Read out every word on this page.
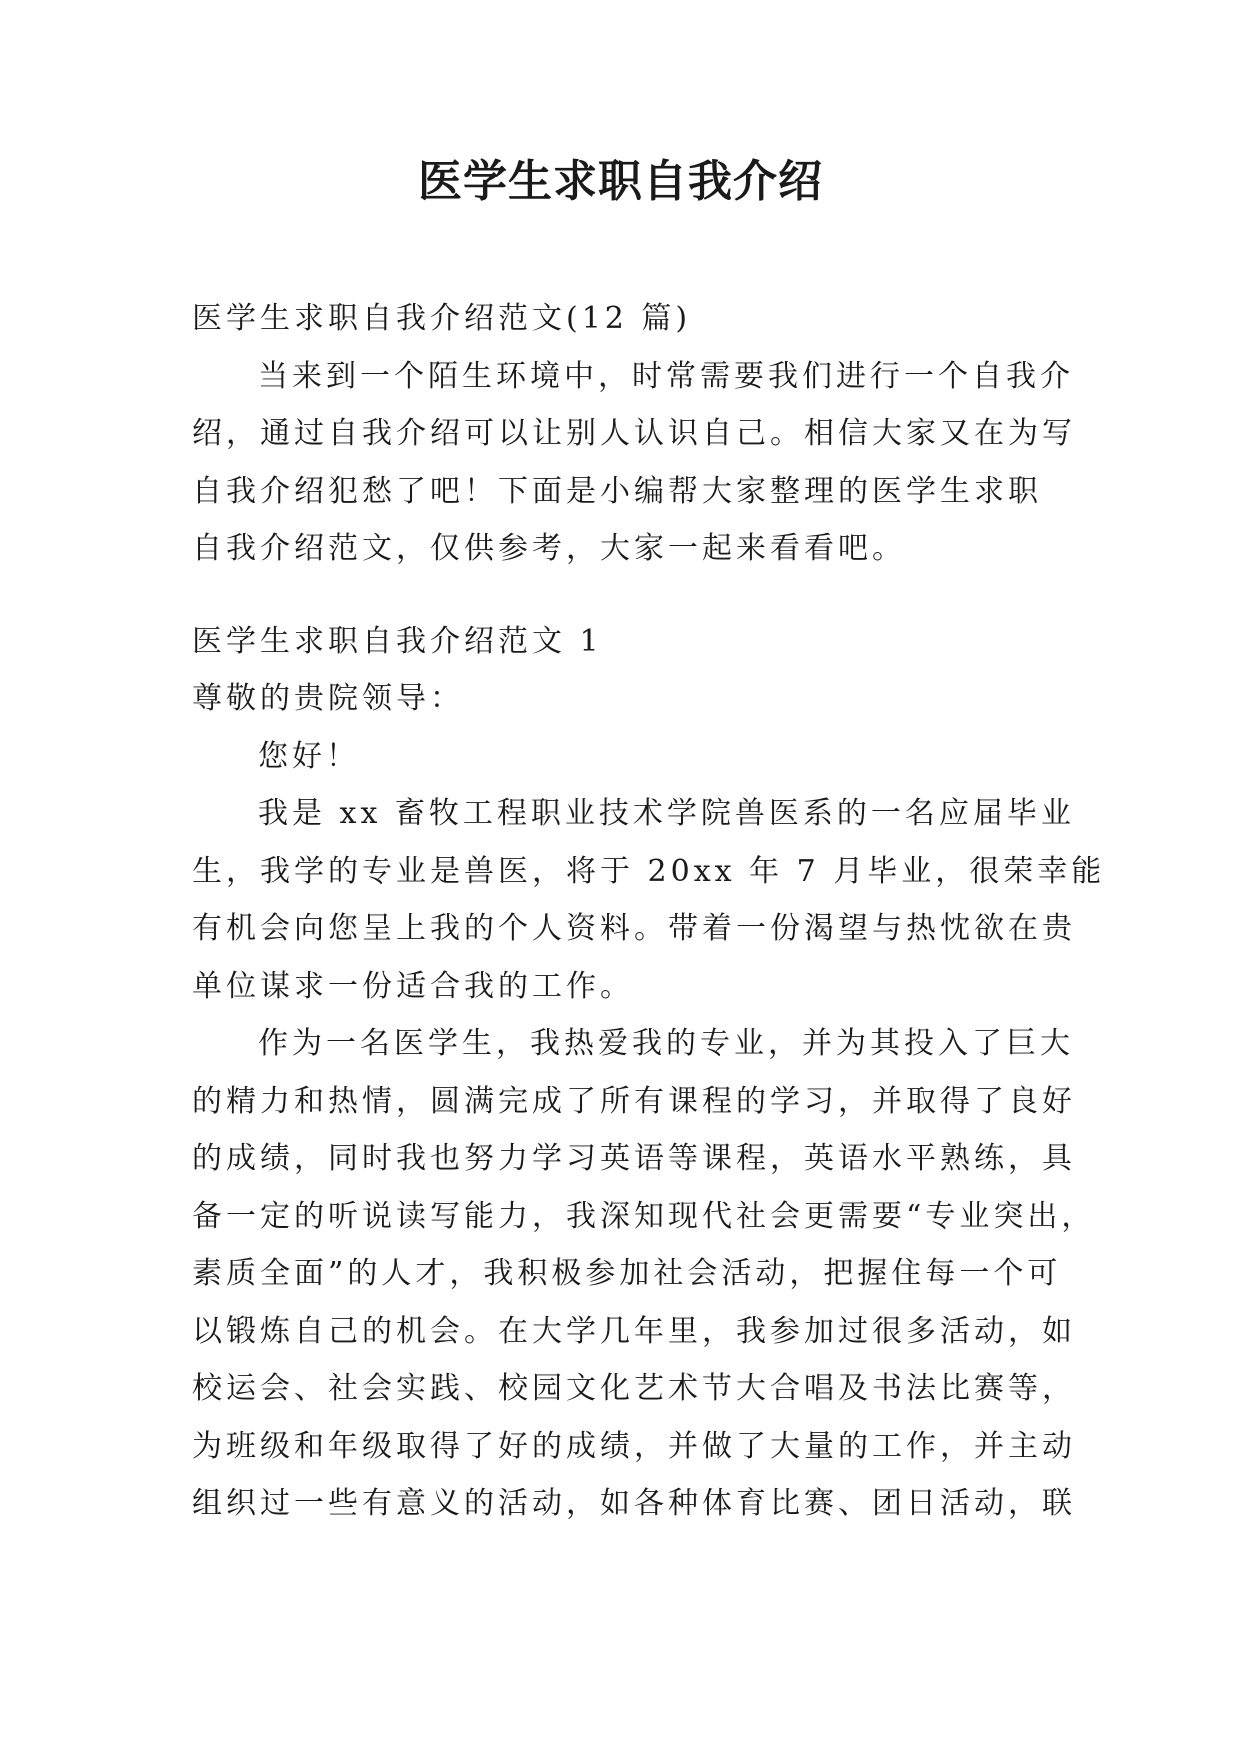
医学生求职自我介绍
医学生求职自我介绍范文(12 篇)
当来到一个陌生环境中，时常需要我们进行一个自我介
绍，通过自我介绍可以让别人认识自己。相信大家又在为写
自我介绍犯愁了吧！下面是小编帮大家整理的医学生求职
自我介绍范文，仅供参考，大家一起来看看吧。
医学生求职自我介绍范文 1
尊敬的贵院领导：
您好！
我是 xx 畜牧工程职业技术学院兽医系的一名应届毕业
生，我学的专业是兽医，将于 20xx 年 7 月毕业，很荣幸能
有机会向您呈上我的个人资料。带着一份渴望与热忱欲在贵
单位谋求一份适合我的工作。
作为一名医学生，我热爱我的专业，并为其投入了巨大
的精力和热情，圆满完成了所有课程的学习，并取得了良好
的成绩，同时我也努力学习英语等课程，英语水平熟练，具
备一定的听说读写能力，我深知现代社会更需要“专业突出，
素质全面”的人才，我积极参加社会活动，把握住每一个可
以锻炼自己的机会。在大学几年里，我参加过很多活动，如
校运会、社会实践、校园文化艺术节大合唱及书法比赛等，
为班级和年级取得了好的成绩，并做了大量的工作，并主动
组织过一些有意义的活动，如各种体育比赛、团日活动，联
